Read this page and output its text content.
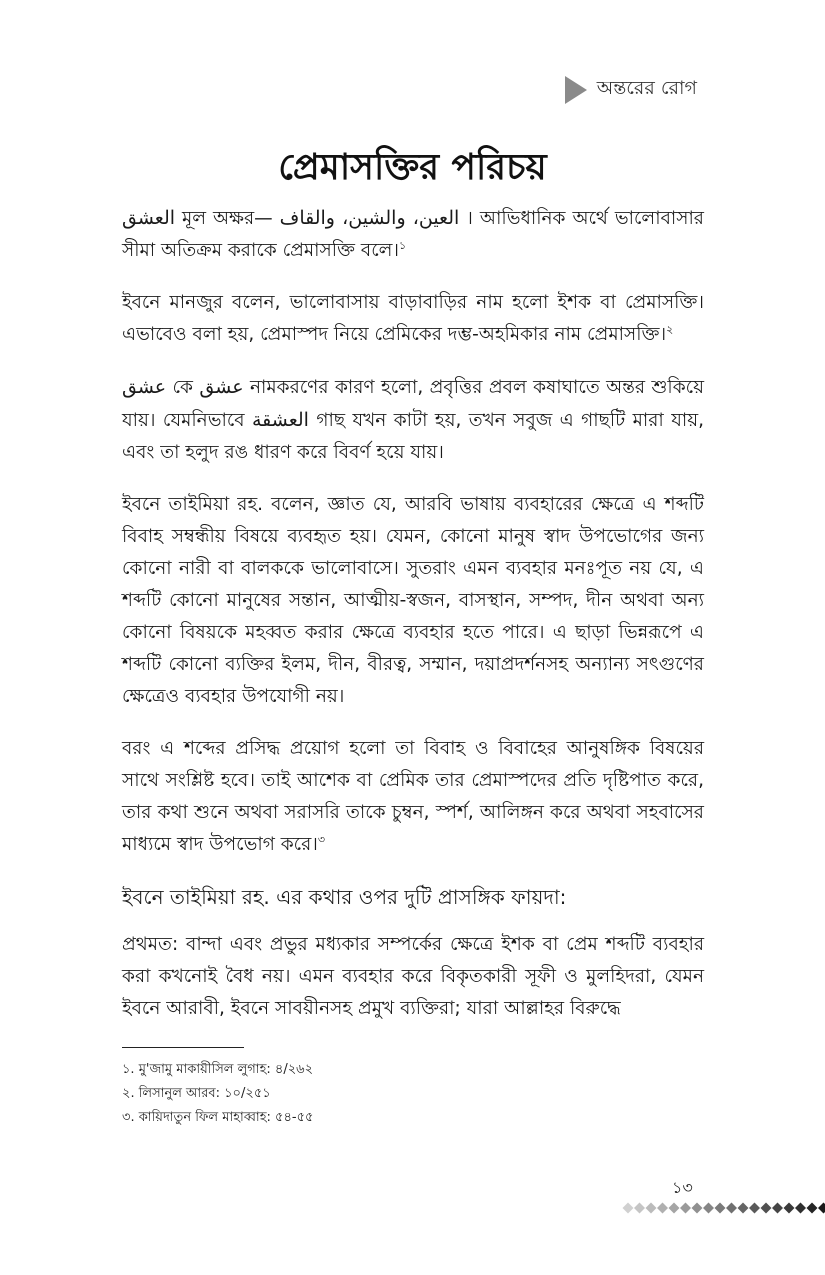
অন্তরের রোগ
প্রেমাসক্তির পরিচয়

العشق মূল অক্ষর— العين، والشين، والقاف । আভিধানিক অর্থে ভালোবাসার সীমা অতিক্রম করাকে প্রেমাসক্তি বলে।$^১$

ইবনে মানজুর বলেন, ভালোবাসায় বাড়াবাড়ির নাম হলো ইশক বা প্রেমাসক্তি। এভাবেও বলা হয়, প্রেমাস্পদ নিয়ে প্রেমিকের দম্ভ-অহমিকার নাম প্রেমাসক্তি।$^২$

عشق কে عشق নামকরণের কারণ হলো, প্রবৃত্তির প্রবল কষাঘাতে অন্তর শুকিয়ে যায়। যেমনিভাবে العشقة গাছ যখন কাটা হয়, তখন সবুজ এ গাছটি মারা যায়, এবং তা হলুদ রঙ ধারণ করে বিবর্ণ হয়ে যায়।

ইবনে তাইমিয়া রহ. বলেন, জ্ঞাত যে, আরবি ভাষায় ব্যবহারের ক্ষেত্রে এ শব্দটি বিবাহ সম্বন্ধীয় বিষয়ে ব্যবহৃত হয়। যেমন, কোনো মানুষ স্বাদ উপভোগের জন্য কোনো নারী বা বালককে ভালোবাসে। সুতরাং এমন ব্যবহার মনঃপূত নয় যে, এ শব্দটি কোনো মানুষের সন্তান, আত্মীয়-স্বজন, বাসস্থান, সম্পদ, দীন অথবা অন্য কোনো বিষয়কে মহব্বত করার ক্ষেত্রে ব্যবহার হতে পারে। এ ছাড়া ভিন্নরূপে এ শব্দটি কোনো ব্যক্তির ইলম, দীন, বীরত্ব, সম্মান, দয়াপ্রদর্শনসহ অন্যান্য সৎগুণের ক্ষেত্রেও ব্যবহার উপযোগী নয়।

বরং এ শব্দের প্রসিদ্ধ প্রয়োগ হলো তা বিবাহ ও বিবাহের আনুষঙ্গিক বিষয়ের সাথে সংশ্লিষ্ট হবে। তাই আশেক বা প্রেমিক তার প্রেমাস্পদের প্রতি দৃষ্টিপাত করে, তার কথা শুনে অথবা সরাসরি তাকে চুম্বন, স্পর্শ, আলিঙ্গন করে অথবা সহবাসের মাধ্যমে স্বাদ উপভোগ করে।$^৩$

ইবনে তাইমিয়া রহ. এর কথার ওপর দুটি প্রাসঙ্গিক ফায়দা:

প্রথমত: বান্দা এবং প্রভুর মধ্যকার সম্পর্কের ক্ষেত্রে ইশক বা প্রেম শব্দটি ব্যবহার করা কখনোই বৈধ নয়। এমন ব্যবহার করে বিকৃতকারী সূফী ও মুলহিদরা, যেমন ইবনে আরাবী, ইবনে সাবয়ীনসহ প্রমুখ ব্যক্তিরা; যারা আল্লাহর বিরুদ্ধে

১. মু'জামু মাকায়ীসিল লুগাহ: ৪/২৬২
২. লিসানুল আরব: ১০/২৫১
৩. কায়িদাতুন ফিল মাহাব্বাহ: ৫৪-৫৫
১৩
